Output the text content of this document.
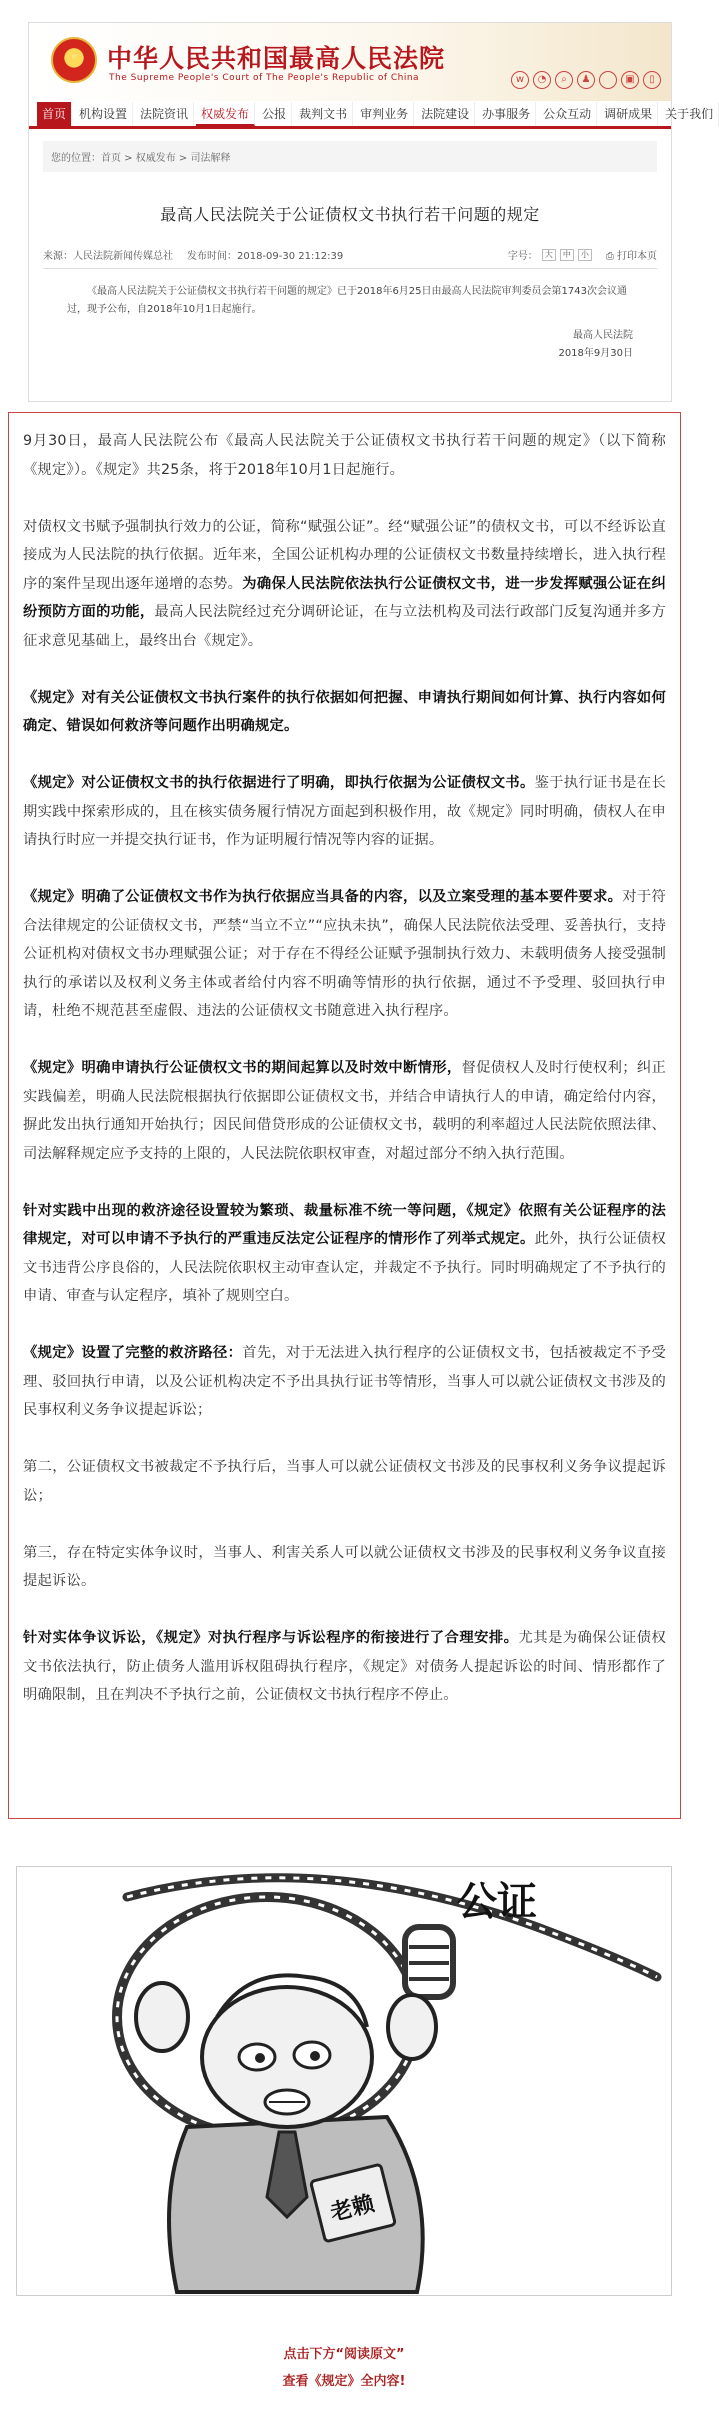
中华人民共和国最高人民法院
The Supreme People's Court of The People's Republic of China	w	◔	⌕	♟	▣	▯
首页	机构设置	法院资讯	权威发布	公报	裁判文书	审判业务	法院建设	办事服务	公众互动	调研成果	关于我们
您的位置：首页 > 权威发布 > 司法解释
最高人民法院关于公证债权文书执行若干问题的规定
来源：人民法院新闻传媒总社 发布时间：2018-09-30 21:12:39	字号： 大	中	小	⎙ 打印本页
《最高人民法院关于公证债权文书执行若干问题的规定》已于2018年6月25日由最高人民法院审判委员会第1743次会议通过，现予公布，自2018年10月1日起施行。
最高人民法院
2018年9月30日

9月30日，最高人民法院公布《最高人民法院关于公证债权文书执行若干问题的规定》（以下简称《规定》）。《规定》共25条，将于2018年10月1日起施行。

对债权文书赋予强制执行效力的公证，简称“赋强公证”。经“赋强公证”的债权文书，可以不经诉讼直接成为人民法院的执行依据。近年来，全国公证机构办理的公证债权文书数量持续增长，进入执行程序的案件呈现出逐年递增的态势。为确保人民法院依法执行公证债权文书，进一步发挥赋强公证在纠纷预防方面的功能，最高人民法院经过充分调研论证，在与立法机构及司法行政部门反复沟通并多方征求意见基础上，最终出台《规定》。

《规定》对有关公证债权文书执行案件的执行依据如何把握、申请执行期间如何计算、执行内容如何确定、错误如何救济等问题作出明确规定。

《规定》对公证债权文书的执行依据进行了明确，即执行依据为公证债权文书。鉴于执行证书是在长期实践中探索形成的，且在核实债务履行情况方面起到积极作用，故《规定》同时明确，债权人在申请执行时应一并提交执行证书，作为证明履行情况等内容的证据。

《规定》明确了公证债权文书作为执行依据应当具备的内容，以及立案受理的基本要件要求。对于符合法律规定的公证债权文书，严禁“当立不立”“应执未执”，确保人民法院依法受理、妥善执行，支持公证机构对债权文书办理赋强公证；对于存在不得经公证赋予强制执行效力、未载明债务人接受强制执行的承诺以及权利义务主体或者给付内容不明确等情形的执行依据，通过不予受理、驳回执行申请，杜绝不规范甚至虚假、违法的公证债权文书随意进入执行程序。

《规定》明确申请执行公证债权文书的期间起算以及时效中断情形，督促债权人及时行使权利；纠正实践偏差，明确人民法院根据执行依据即公证债权文书，并结合申请执行人的申请，确定给付内容，摒此发出执行通知开始执行；因民间借贷形成的公证债权文书，载明的利率超过人民法院依照法律、司法解释规定应予支持的上限的，人民法院依职权审查，对超过部分不纳入执行范围。

针对实践中出现的救济途径设置较为繁琐、裁量标准不统一等问题，《规定》依照有关公证程序的法律规定，对可以申请不予执行的严重违反法定公证程序的情形作了列举式规定。此外，执行公证债权文书违背公序良俗的，人民法院依职权主动审查认定，并裁定不予执行。同时明确规定了不予执行的申请、审查与认定程序，填补了规则空白。

《规定》设置了完整的救济路径：首先，对于无法进入执行程序的公证债权文书，包括被裁定不予受理、驳回执行申请，以及公证机构决定不予出具执行证书等情形，当事人可以就公证债权文书涉及的民事权利义务争议提起诉讼；

第二，公证债权文书被裁定不予执行后，当事人可以就公证债权文书涉及的民事权利义务争议提起诉讼；

第三，存在特定实体争议时，当事人、利害关系人可以就公证债权文书涉及的民事权利义务争议直接提起诉讼。

针对实体争议诉讼，《规定》对执行程序与诉讼程序的衔接进行了合理安排。尤其是为确保公证债权文书依法执行，防止债务人滥用诉权阻碍执行程序，《规定》对债务人提起诉讼的时间、情形都作了明确限制，且在判决不予执行之前，公证债权文书执行程序不停止。

公证
老赖
点击下方“阅读原文”
查看《规定》全内容!
